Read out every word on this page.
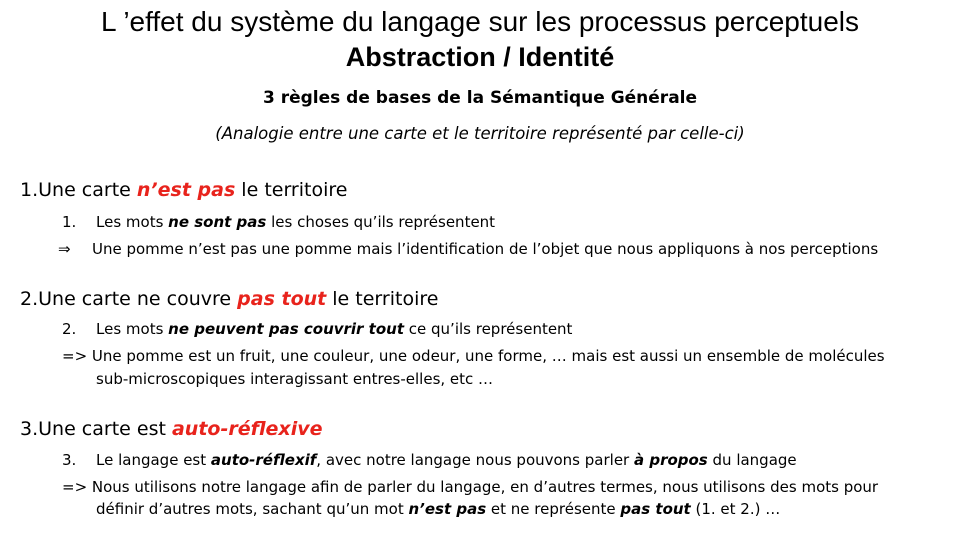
L ’effet du système du langage sur les processus perceptuels
Abstraction / Identité
3 règles de bases de la Sémantique Générale
(Analogie entre une carte et le territoire représenté par celle-ci)
1.Une carte n’est pas le territoire
1. Les mots ne sont pas les choses qu’ils représentent
⇒ Une pomme n’est pas une pomme mais l’identification de l’objet que nous appliquons à nos perceptions
2.Une carte ne couvre pas tout le territoire
2. Les mots ne peuvent pas couvrir tout ce qu’ils représentent
=> Une pomme est un fruit, une couleur, une odeur, une forme, … mais est aussi un ensemble de molécules
sub-microscopiques interagissant entres-elles, etc …
3.Une carte est auto-réflexive
3. Le langage est auto-réflexif, avec notre langage nous pouvons parler à propos du langage
=> Nous utilisons notre langage afin de parler du langage, en d’autres termes, nous utilisons des mots pour
définir d’autres mots, sachant qu’un mot n’est pas et ne représente pas tout (1. et 2.) …
